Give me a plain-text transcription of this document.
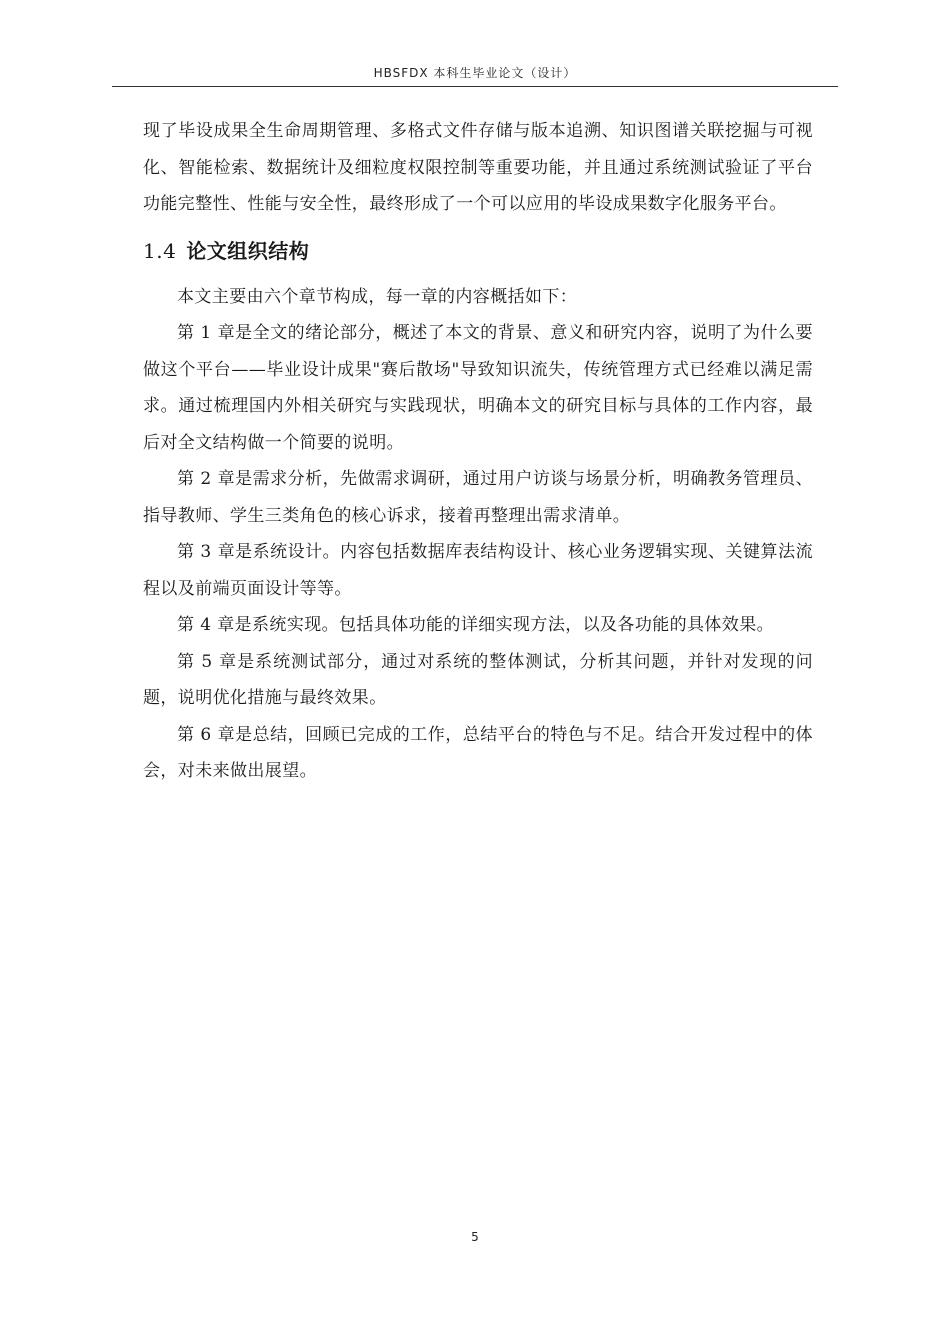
HBSFDX 本科生毕业论文（设计）

现了毕设成果全生命周期管理、多格式文件存储与版本追溯、知识图谱关联挖掘与可视化、智能检索、数据统计及细粒度权限控制等重要功能，并且通过系统测试验证了平台功能完整性、性能与安全性，最终形成了一个可以应用的毕设成果数字化服务平台。

1.4 论文组织结构

本文主要由六个章节构成，每一章的内容概括如下：

第 1 章是全文的绪论部分，概述了本文的背景、意义和研究内容，说明了为什么要做这个平台——毕业设计成果"赛后散场"导致知识流失，传统管理方式已经难以满足需求。通过梳理国内外相关研究与实践现状，明确本文的研究目标与具体的工作内容，最后对全文结构做一个简要的说明。

第 2 章是需求分析，先做需求调研，通过用户访谈与场景分析，明确教务管理员、指导教师、学生三类角色的核心诉求，接着再整理出需求清单。

第 3 章是系统设计。内容包括数据库表结构设计、核心业务逻辑实现、关键算法流程以及前端页面设计等等。

第 4 章是系统实现。包括具体功能的详细实现方法，以及各功能的具体效果。

第 5 章是系统测试部分，通过对系统的整体测试，分析其问题，并针对发现的问题，说明优化措施与最终效果。

第 6 章是总结，回顾已完成的工作，总结平台的特色与不足。结合开发过程中的体会，对未来做出展望。

5
